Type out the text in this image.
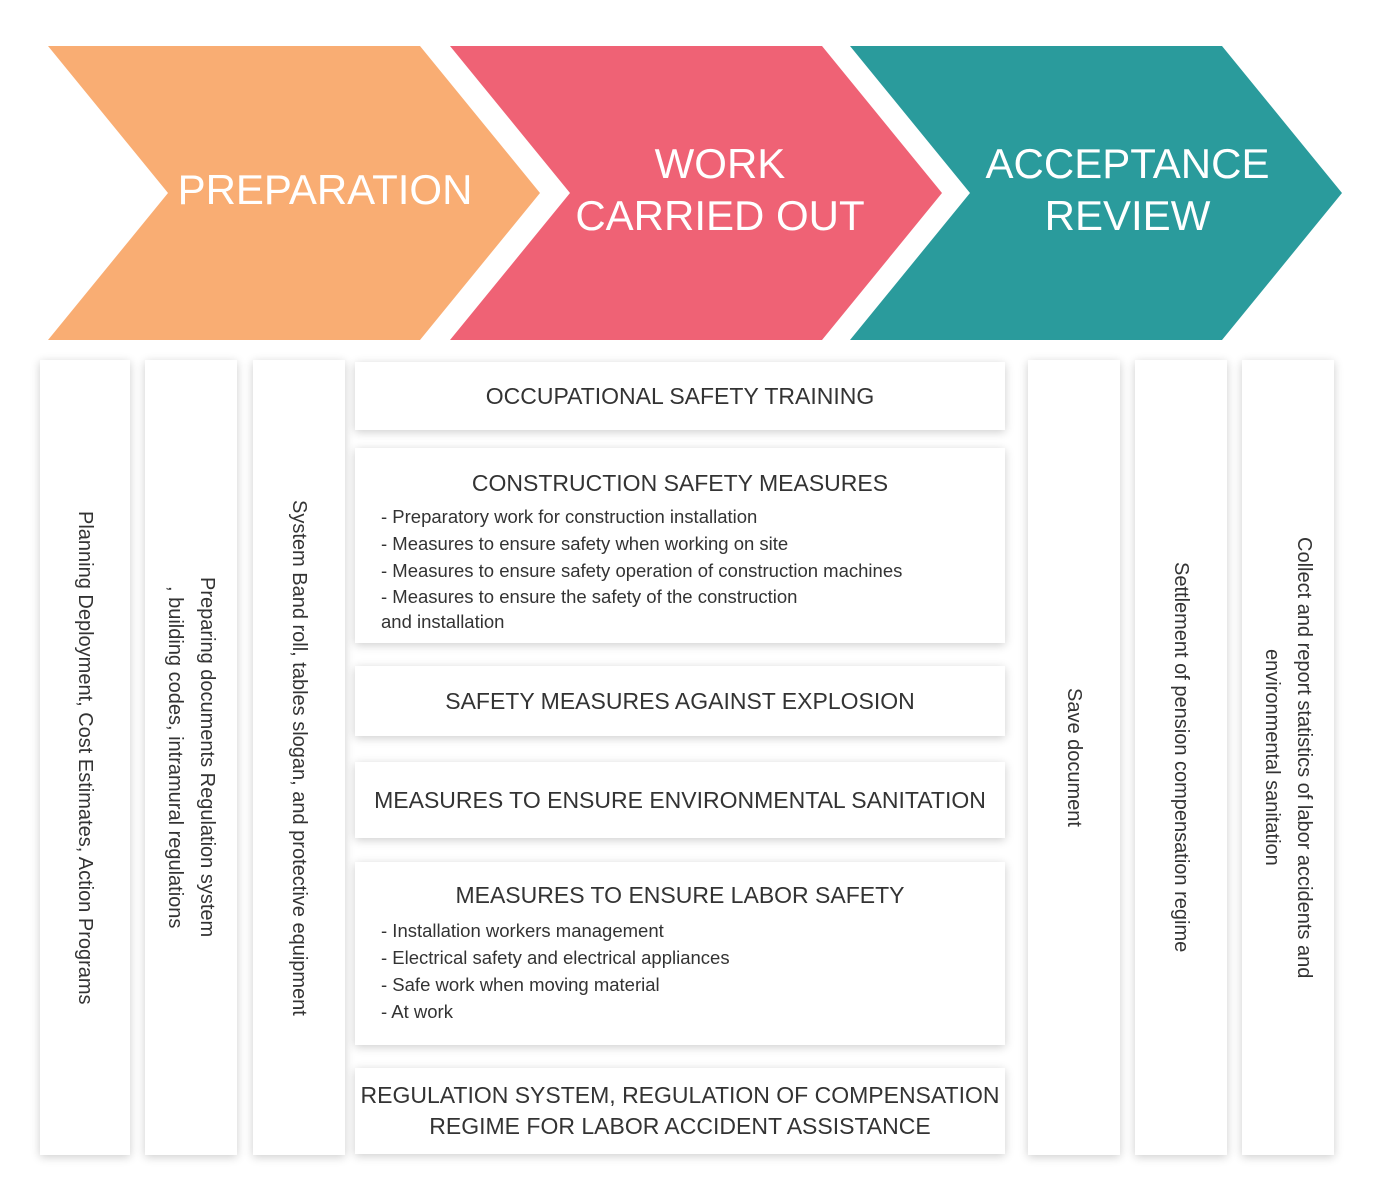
PREPARATION
WORK
CARRIED OUT
ACCEPTANCE
REVIEW
Planning Deployment, Cost Estimates, Action Programs	Preparing documents Regulation system
, building codes, intramural regulations	System Band roll, tables slogan, and protective equipment
OCCUPATIONAL SAFETY TRAINING
CONSTRUCTION SAFETY MEASURES
- Preparatory work for construction installation
- Measures to ensure safety when working on site
- Measures to ensure safety operation of construction machines
- Measures to ensure the safety of the construction
and installation
SAFETY MEASURES AGAINST EXPLOSION
MEASURES TO ENSURE ENVIRONMENTAL SANITATION
MEASURES TO ENSURE LABOR SAFETY
- Installation workers management
- Electrical safety and electrical appliances
- Safe work when moving material
- At work
REGULATION SYSTEM, REGULATION OF COMPENSATION
REGIME FOR LABOR ACCIDENT ASSISTANCE
Save document	Settlement of pension compensation regime	Collect and report statistics of labor accidents and
environmental sanitation
